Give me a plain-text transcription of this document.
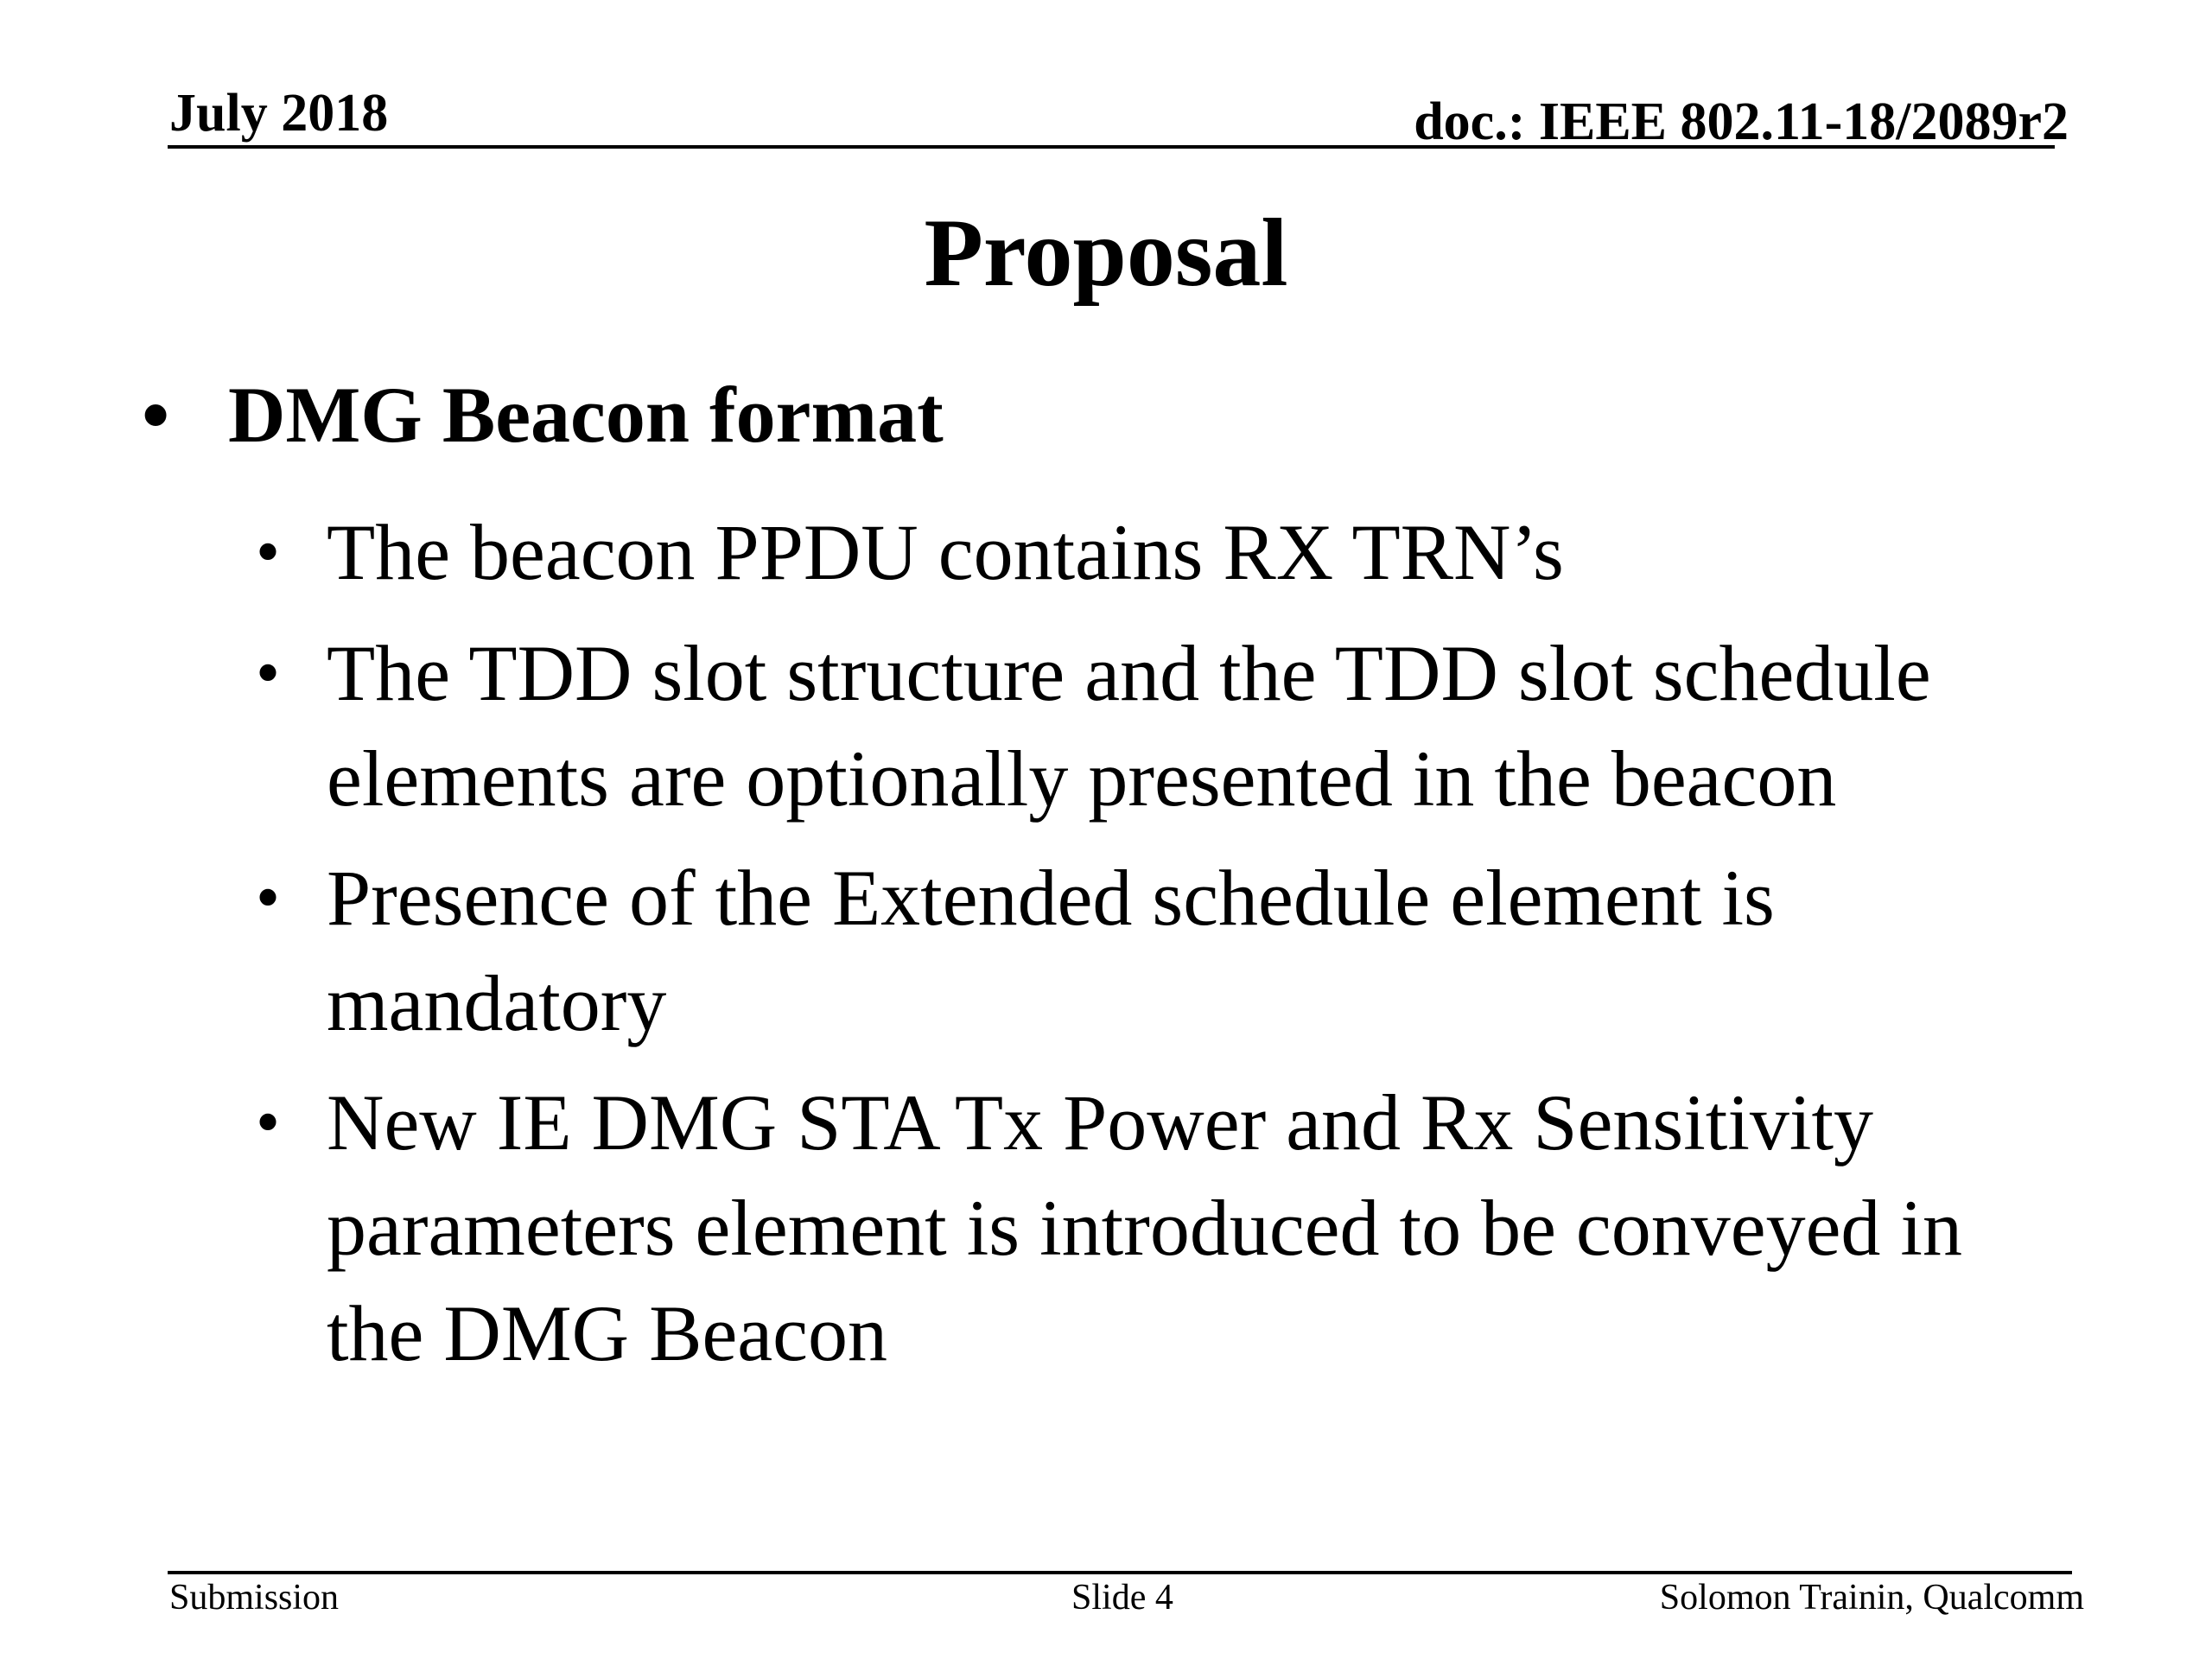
July 2018	doc.: IEEE 802.11-18/2089r2
Proposal
• DMG Beacon format
• The beacon PPDU contains RX TRN’s
• The TDD slot structure and the TDD slot schedule
elements are optionally presented in the beacon
• Presence of the Extended schedule element is
mandatory
• New IE DMG STA Tx Power and Rx Sensitivity
parameters element is introduced to be conveyed in
the DMG Beacon
Submission	Slide 4	Solomon Trainin, Qualcomm
